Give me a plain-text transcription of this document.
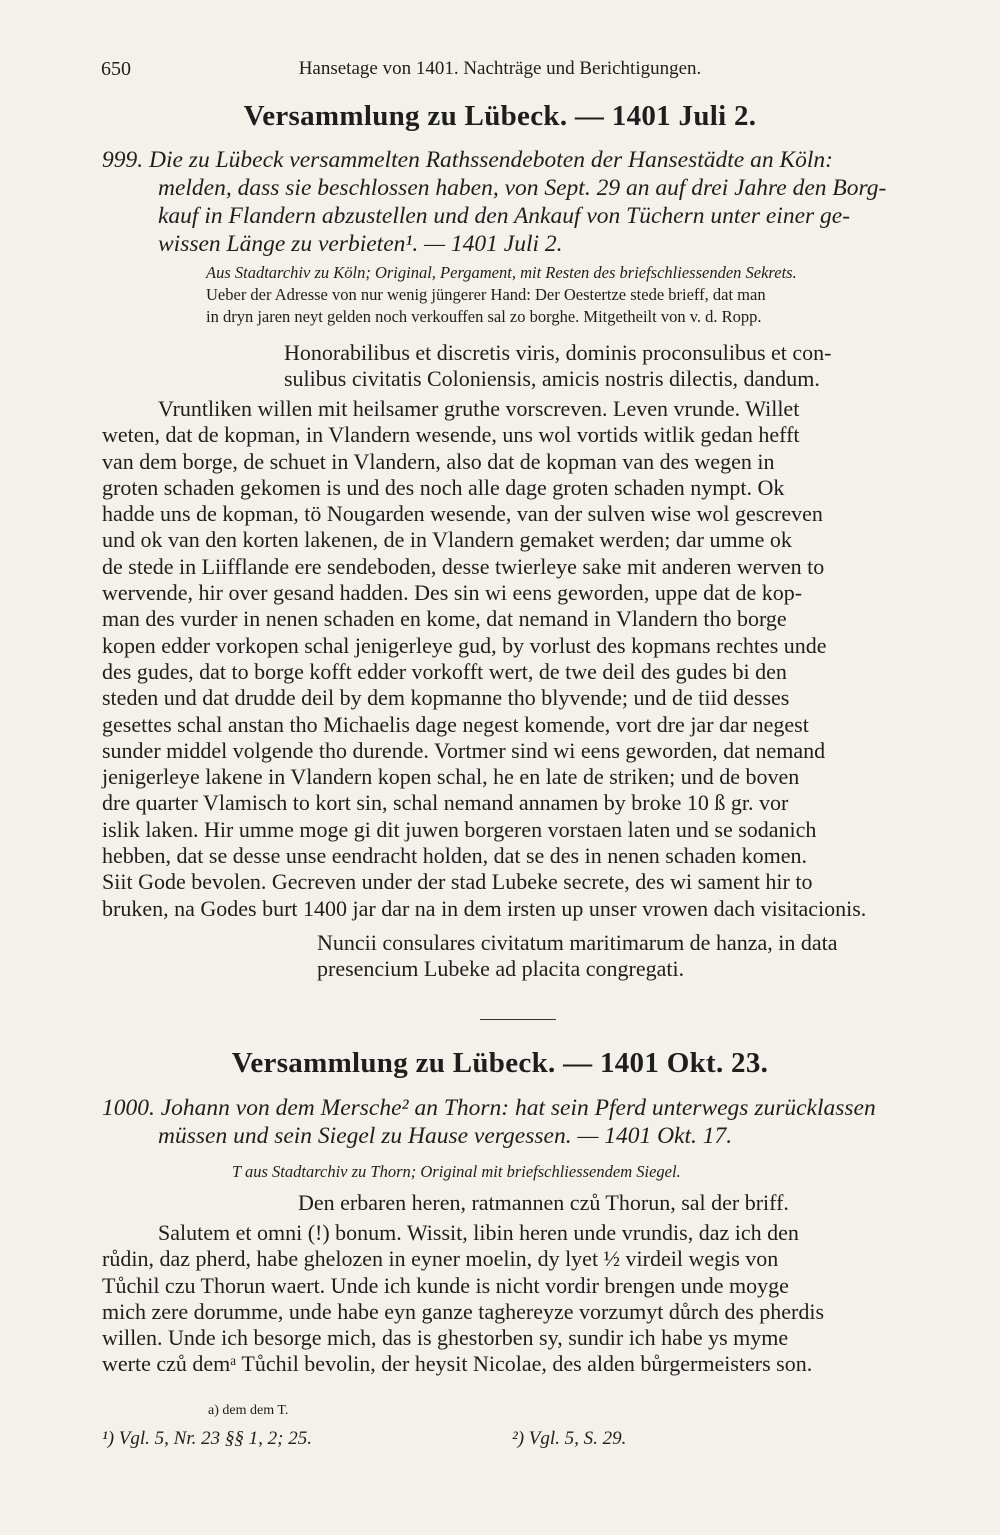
650	Hansetage von 1401. Nachträge und Berichtigungen.
Versammlung zu Lübeck. — 1401 Juli 2.

999. Die zu Lübeck versammelten Rathssendeboten der Hansestädte an Köln:

melden, dass sie beschlossen haben, von Sept. 29 an auf drei Jahre den Borg-

kauf in Flandern abzustellen und den Ankauf von Tüchern unter einer ge-

wissen Länge zu verbieten¹. — 1401 Juli 2.

Aus Stadtarchiv zu Köln; Original, Pergament, mit Resten des briefschliessenden Sekrets.

Ueber der Adresse von nur wenig jüngerer Hand: Der Oestertze stede brieff, dat man

in dryn jaren neyt gelden noch verkouffen sal zo borghe. Mitgetheilt von v. d. Ropp.

Honorabilibus et discretis viris, dominis proconsulibus et con-

sulibus civitatis Coloniensis, amicis nostris dilectis, dandum.

Vruntliken willen mit heilsamer gruthe vorscreven. Leven vrunde. Willet

weten, dat de kopman, in Vlandern wesende, uns wol vortids witlik gedan hefft

van dem borge, de schuet in Vlandern, also dat de kopman van des wegen in

groten schaden gekomen is und des noch alle dage groten schaden nympt. Ok

hadde uns de kopman, tö Nougarden wesende, van der sulven wise wol gescreven

und ok van den korten lakenen, de in Vlandern gemaket werden; dar umme ok

de stede in Liifflande ere sendeboden, desse twierleye sake mit anderen werven to

wervende, hir over gesand hadden. Des sin wi eens geworden, uppe dat de kop-

man des vurder in nenen schaden en kome, dat nemand in Vlandern tho borge

kopen edder vorkopen schal jenigerleye gud, by vorlust des kopmans rechtes unde

des gudes, dat to borge kofft edder vorkofft wert, de twe deil des gudes bi den

steden und dat drudde deil by dem kopmanne tho blyvende; und de tiid desses

gesettes schal anstan tho Michaelis dage negest komende, vort dre jar dar negest

sunder middel volgende tho durende. Vortmer sind wi eens geworden, dat nemand

jenigerleye lakene in Vlandern kopen schal, he en late de striken; und de boven

dre quarter Vlamisch to kort sin, schal nemand annamen by broke 10 ß gr. vor

islik laken. Hir umme moge gi dit juwen borgeren vorstaen laten und se sodanich

hebben, dat se desse unse eendracht holden, dat se des in nenen schaden komen.

Siit Gode bevolen. Gecreven under der stad Lubeke secrete, des wi sament hir to

bruken, na Godes burt 1400 jar dar na in dem irsten up unser vrowen dach visitacionis.

Nuncii consulares civitatum maritimarum de hanza, in data

presencium Lubeke ad placita congregati.

Versammlung zu Lübeck. — 1401 Okt. 23.

1000. Johann von dem Mersche² an Thorn: hat sein Pferd unterwegs zurücklassen

müssen und sein Siegel zu Hause vergessen. — 1401 Okt. 17.

T aus Stadtarchiv zu Thorn; Original mit briefschliessendem Siegel.

Den erbaren heren, ratmannen czů Thorun, sal der briff.

Salutem et omni (!) bonum. Wissit, libin heren unde vrundis, daz ich den

růdin, daz pherd, habe ghelozen in eyner moelin, dy lyet ½ virdeil wegis von

Tůchil czu Thorun waert. Unde ich kunde is nicht vordir brengen unde moyge

mich zere dorumme, unde habe eyn ganze taghereyze vorzumyt důrch des pherdis

willen. Unde ich besorge mich, das is ghestorben sy, sundir ich habe ys myme

werte czů demᵃ Tůchil bevolin, der heysit Nicolae, des alden bůrgermeisters son.

a) dem dem T.
¹) Vgl. 5, Nr. 23 §§ 1, 2; 25.	²) Vgl. 5, S. 29.
